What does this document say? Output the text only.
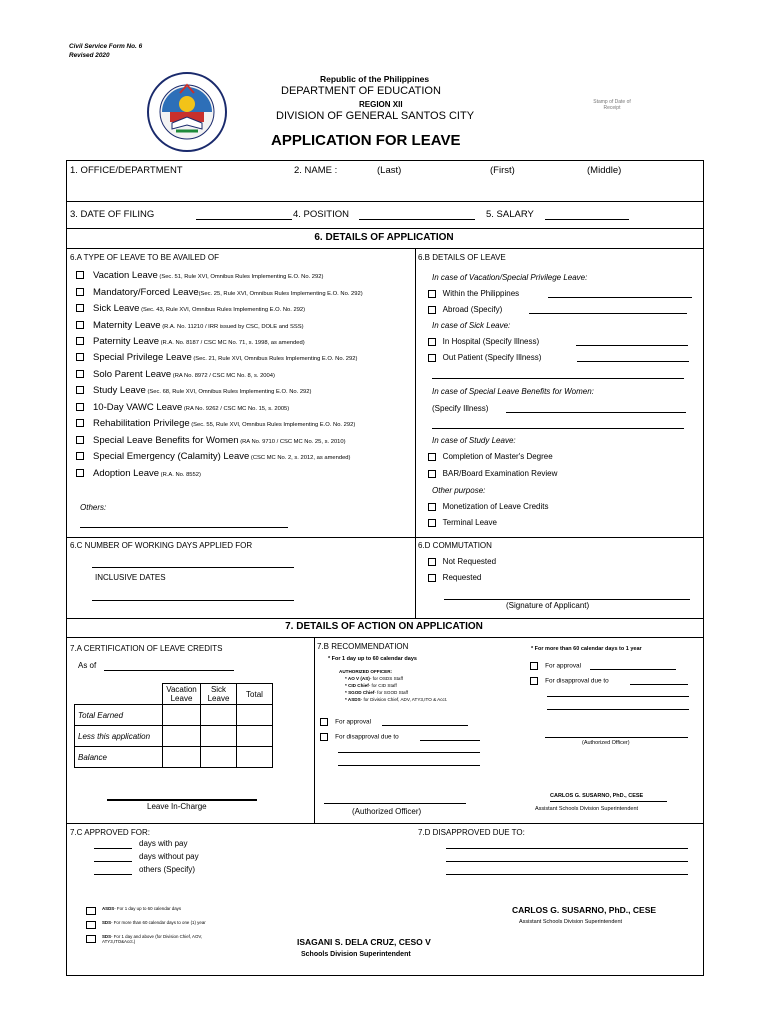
Civil Service Form No. 6
Revised 2020
Republic of the Philippines
DEPARTMENT OF EDUCATION
REGION XII
DIVISION OF GENERAL SANTOS CITY
Stamp of Date of Receipt
APPLICATION FOR LEAVE
1. OFFICE/DEPARTMENT	2. NAME :	(Last)	(First)	(Middle)
3. DATE OF FILING	4. POSITION	5. SALARY
6. DETAILS OF APPLICATION
6.A TYPE OF LEAVE TO BE AVAILED OF
Vacation Leave (Sec. 51, Rule XVI, Omnibus Rules Implementing E.O. No. 292)
Mandatory/Forced Leave(Sec. 25, Rule XVI, Omnibus Rules Implementing E.O. No. 292)
Sick Leave (Sec. 43, Rule XVI, Omnibus Rules Implementing E.O. No. 292)
Maternity Leave (R.A. No. 11210 / IRR issued by CSC, DOLE and SSS)
Paternity Leave (R.A. No. 8187 / CSC MC No. 71, s. 1998, as amended)
Special Privilege Leave (Sec. 21, Rule XVI, Omnibus Rules Implementing E.O. No. 292)
Solo Parent Leave (RA No. 8972 / CSC MC No. 8, s. 2004)
Study Leave (Sec. 68, Rule XVI, Omnibus Rules Implementing E.O. No. 292)
10-Day VAWC Leave (RA No. 9262 / CSC MC No. 15, s. 2005)
Rehabilitation Privilege (Sec. 55, Rule XVI, Omnibus Rules Implementing E.O. No. 292)
Special Leave Benefits for Women (RA No. 9710 / CSC MC No. 25, s. 2010)
Special Emergency (Calamity) Leave (CSC MC No. 2, s. 2012, as amended)
Adoption Leave (R.A. No. 8552)
Others:
6.B DETAILS OF LEAVE
In case of Vacation/Special Privilege Leave:
Within the Philippines
Abroad (Specify)
In case of Sick Leave:
In Hospital (Specify Illness)
Out Patient (Specify Illness)
In case of Special Leave Benefits for Women:
(Specify Illness)
In case of Study Leave:
Completion of Master's Degree
BAR/Board Examination Review
Other purpose:
Monetization of Leave Credits
Terminal Leave
6.C NUMBER OF WORKING DAYS APPLIED FOR
INCLUSIVE DATES
6.D COMMUTATION
Not Requested
Requested
(Signature of Applicant)
7. DETAILS OF ACTION ON APPLICATION
7.A CERTIFICATION OF LEAVE CREDITS
As of
	Vacation Leave	Sick Leave	Total
Total Earned			
Less this application			
Balance			
Leave In-Charge
7.B RECOMMENDATION
* For 1 day up to 60 calendar days
* For more than 60 calendar days to 1 year
AUTHORIZED OFFICER:
* AO V (AS)- for OSDS Staff
* CID Chief- for CID Staff
* SGOD Chief- for SGOD Staff
* ASDS- for Division Chief, ADV, ATY3,ITO & Acct.
For approval
For disapproval due to
(Authorized Officer)
For approval
For disapproval due to
(Authorized Officer)
CARLOS G. SUSARNO, PhD., CESE
Assistant Schools Division Superintendent
7.C APPROVED FOR:
days with pay
days without pay
others (Specify)
7.D DISAPPROVED DUE TO:
ASDS- For 1 day up to 60 calendar days
SDS- For more than 60 calendar days to one (1) year
SDS- For 1 day and above (for Division Chief, AOV, ATY3,ITO&Acct.)
CARLOS G. SUSARNO, PhD., CESE
Assistant Schools Division Superintendent
ISAGANI S. DELA CRUZ, CESO V
Schools Division Superintendent
